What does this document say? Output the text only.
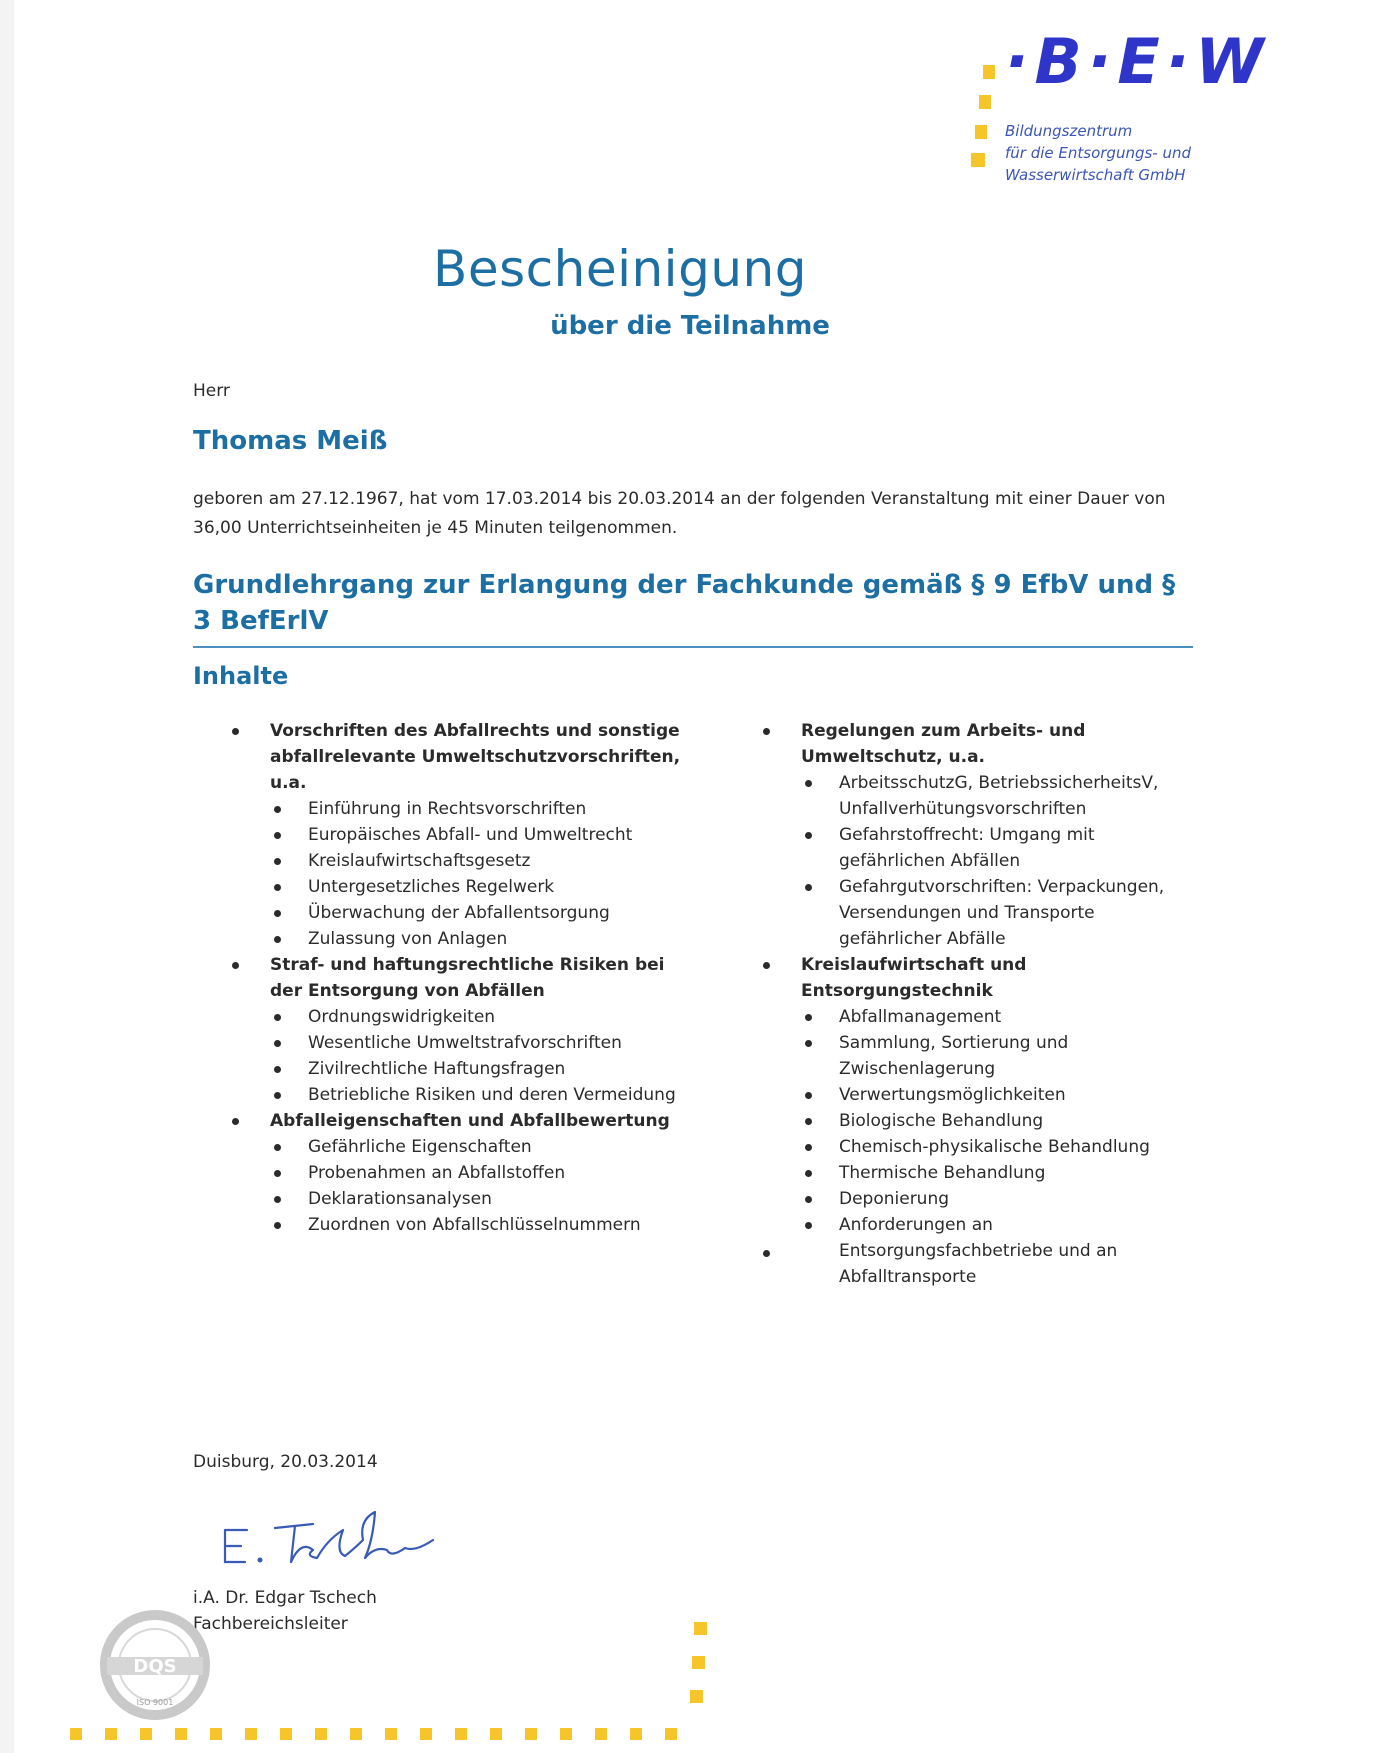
·B·E·W
Bildungszentrum
für die Entsorgungs- und
Wasserwirtschaft GmbH
Bescheinigung
über die Teilnahme
Herr
Thomas Meiß
geboren am 27.12.1967, hat vom 17.03.2014 bis 20.03.2014 an der folgenden Veranstaltung mit einer Dauer von 36,00 Unterrichtseinheiten je 45 Minuten teilgenommen.
Grundlehrgang zur Erlangung der Fachkunde gemäß § 9 EfbV und § 3 BefErlV
Inhalte
Vorschriften des Abfallrechts und sonstige abfallrelevante Umweltschutzvorschriften, u.a.
Einführung in Rechtsvorschriften
Europäisches Abfall- und Umweltrecht
Kreislaufwirtschaftsgesetz
Untergesetzliches Regelwerk
Überwachung der Abfallentsorgung
Zulassung von Anlagen
Straf- und haftungsrechtliche Risiken bei der Entsorgung von Abfällen
Ordnungswidrigkeiten
Wesentliche Umweltstrafvorschriften
Zivilrechtliche Haftungsfragen
Betriebliche Risiken und deren Vermeidung
Abfalleigenschaften und Abfallbewertung
Gefährliche Eigenschaften
Probenahmen an Abfallstoffen
Deklarationsanalysen
Zuordnen von Abfallschlüsselnummern
Regelungen zum Arbeits- und Umweltschutz, u.a.
ArbeitsschutzG, BetriebssicherheitsV, Unfallverhütungsvorschriften
Gefahrstoffrecht: Umgang mit gefährlichen Abfällen
Gefahrgutvorschriften: Verpackungen, Versendungen und Transporte gefährlicher Abfälle
Kreislaufwirtschaft und Entsorgungstechnik
Abfallmanagement
Sammlung, Sortierung und Zwischenlagerung
Verwertungsmöglichkeiten
Biologische Behandlung
Chemisch-physikalische Behandlung
Thermische Behandlung
Deponierung
Anforderungen an Entsorgungsfachbetriebe und an Abfalltransporte
Duisburg, 20.03.2014
i.A. Dr. Edgar Tschech
Fachbereichsleiter
DQS
ISO 9001
